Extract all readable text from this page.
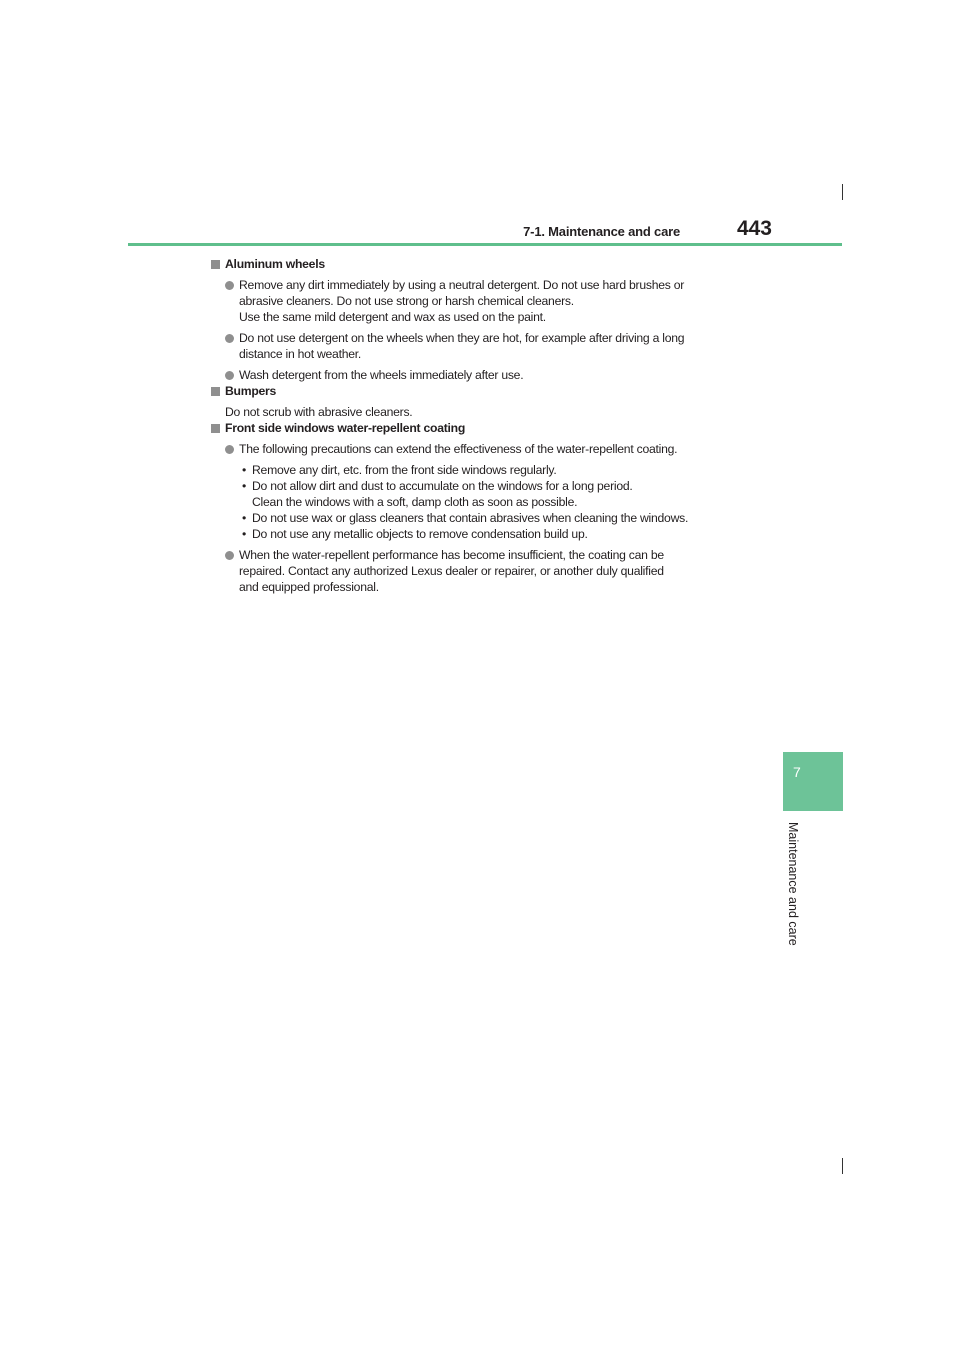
7-1. Maintenance and care	443
7
Maintenance and care
Aluminum wheels

Remove any dirt immediately by using a neutral detergent. Do not use hard brushes or

abrasive cleaners. Do not use strong or harsh chemical cleaners.

Use the same mild detergent and wax as used on the paint.

Do not use detergent on the wheels when they are hot, for example after driving a long

distance in hot weather.

Wash detergent from the wheels immediately after use.

Bumpers

Do not scrub with abrasive cleaners.

Front side windows water-repellent coating

The following precautions can extend the effectiveness of the water-repellent coating.

• Remove any dirt, etc. from the front side windows regularly.

• Do not allow dirt and dust to accumulate on the windows for a long period.

Clean the windows with a soft, damp cloth as soon as possible.

• Do not use wax or glass cleaners that contain abrasives when cleaning the windows.

• Do not use any metallic objects to remove condensation build up.

When the water-repellent performance has become insufficient, the coating can be

repaired. Contact any authorized Lexus dealer or repairer, or another duly qualified

and equipped professional.
